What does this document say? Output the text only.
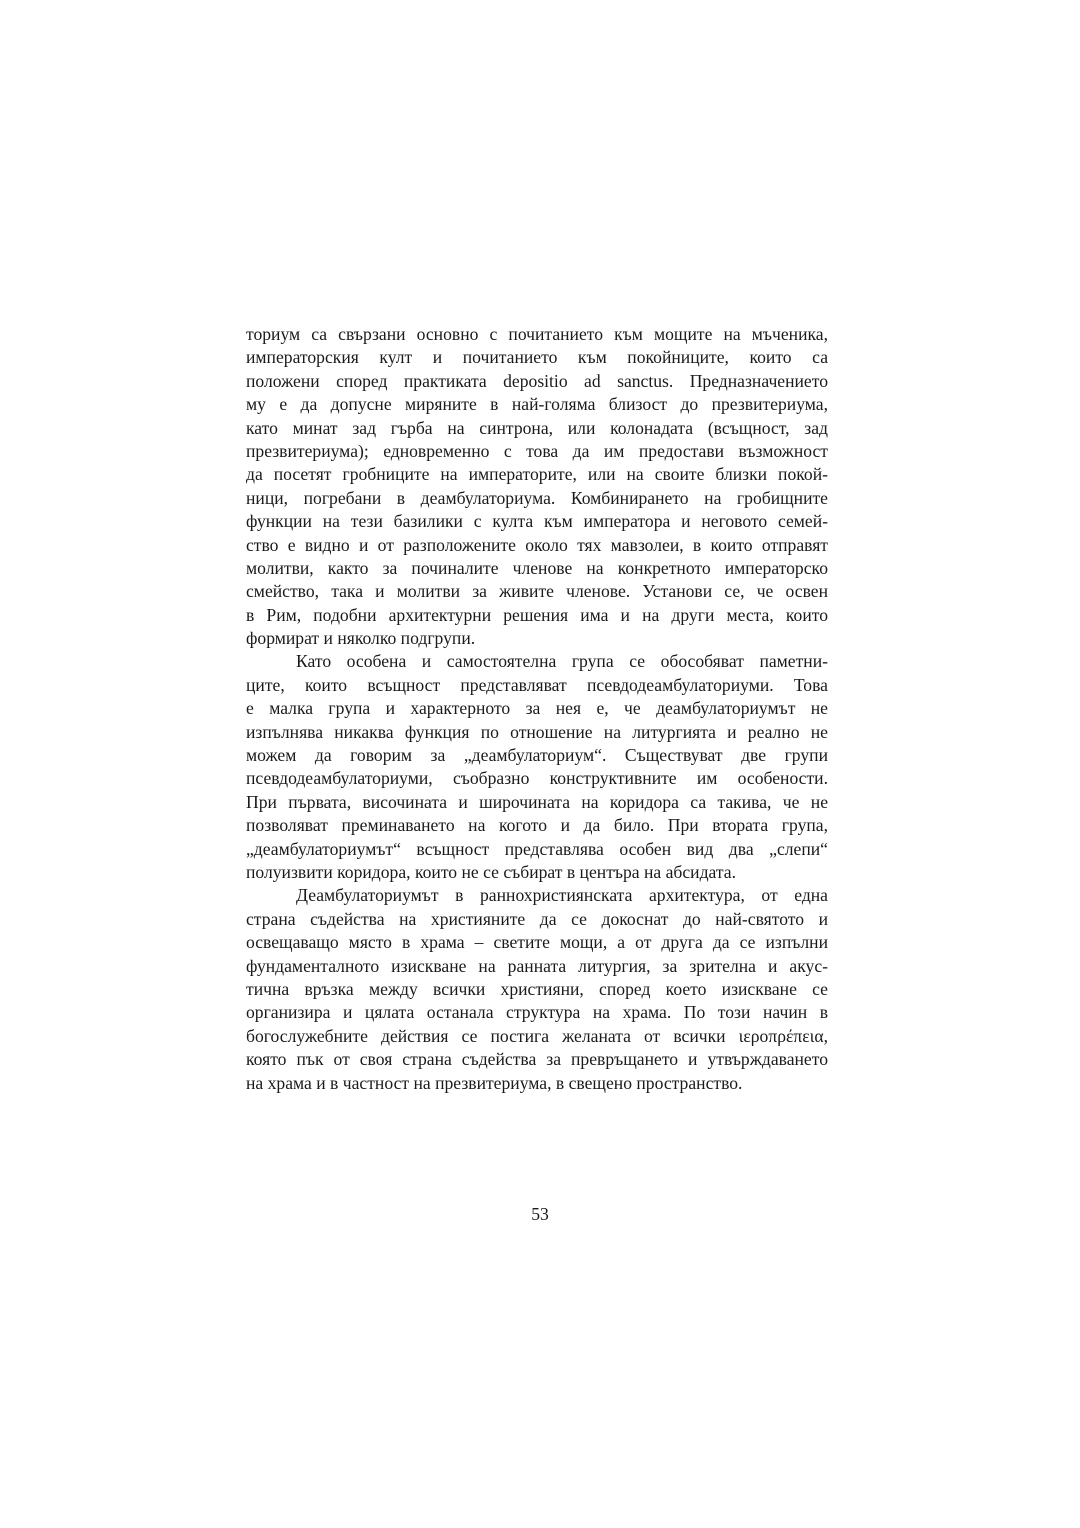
ториум са свързани основно с почитанието към мощите на мъченика,
императорския култ и почитанието към покойниците, които са
положени според практиката depositio ad sanctus. Предназначението
му е да допусне миряните в най-голяма близост до презвитериума,
като минат зад гърба на синтрона, или колонадата (всъщност, зад
презвитериума); едновременно с това да им предостави възможност
да посетят гробниците на императорите, или на своите близки покой-
ници, погребани в деамбулаториума. Комбинирането на гробищните
функции на тези базилики с култа към императора и неговото семей-
ство е видно и от разположените около тях мавзолеи, в които отправят
молитви, както за починалите членове на конкретното императорско
смейство, така и молитви за живите членове. Установи се, че освен
в Рим, подобни архитектурни решения има и на други места, които
формират и няколко подгрупи.
Като особена и самостоятелна група се обособяват паметни-
ците, които всъщност представляват псевдодеамбулаториуми. Това
е малка група и характерното за нея е, че деамбулаториумът не
изпълнява никаква функция по отношение на литургията и реално не
можем да говорим за „деамбулаториум“. Съществуват две групи
псевдодеамбулаториуми, съобразно конструктивните им особености.
При първата, височината и широчината на коридора са такива, че не
позволяват преминаването на когото и да било. При втората група,
„деамбулаториумът“ всъщност представлява особен вид два „слепи“
полуизвити коридора, които не се събират в центъра на абсидата.
Деамбулаториумът в раннохристиянската архитектура, от една
страна съдейства на християните да се докоснат до най-святото и
освещаващо място в храма – светите мощи, а от друга да се изпълни
фундаменталното изискване на ранната литургия, за зрителна и акус-
тична връзка между всички християни, според което изискване се
организира и цялата останала структура на храма. По този начин в
богослужебните действия се постига желаната от всички ιεροπρέπεια,
която пък от своя страна съдейства за превръщането и утвърждаването
на храма и в частност на презвитериума, в свещено пространство.
53
